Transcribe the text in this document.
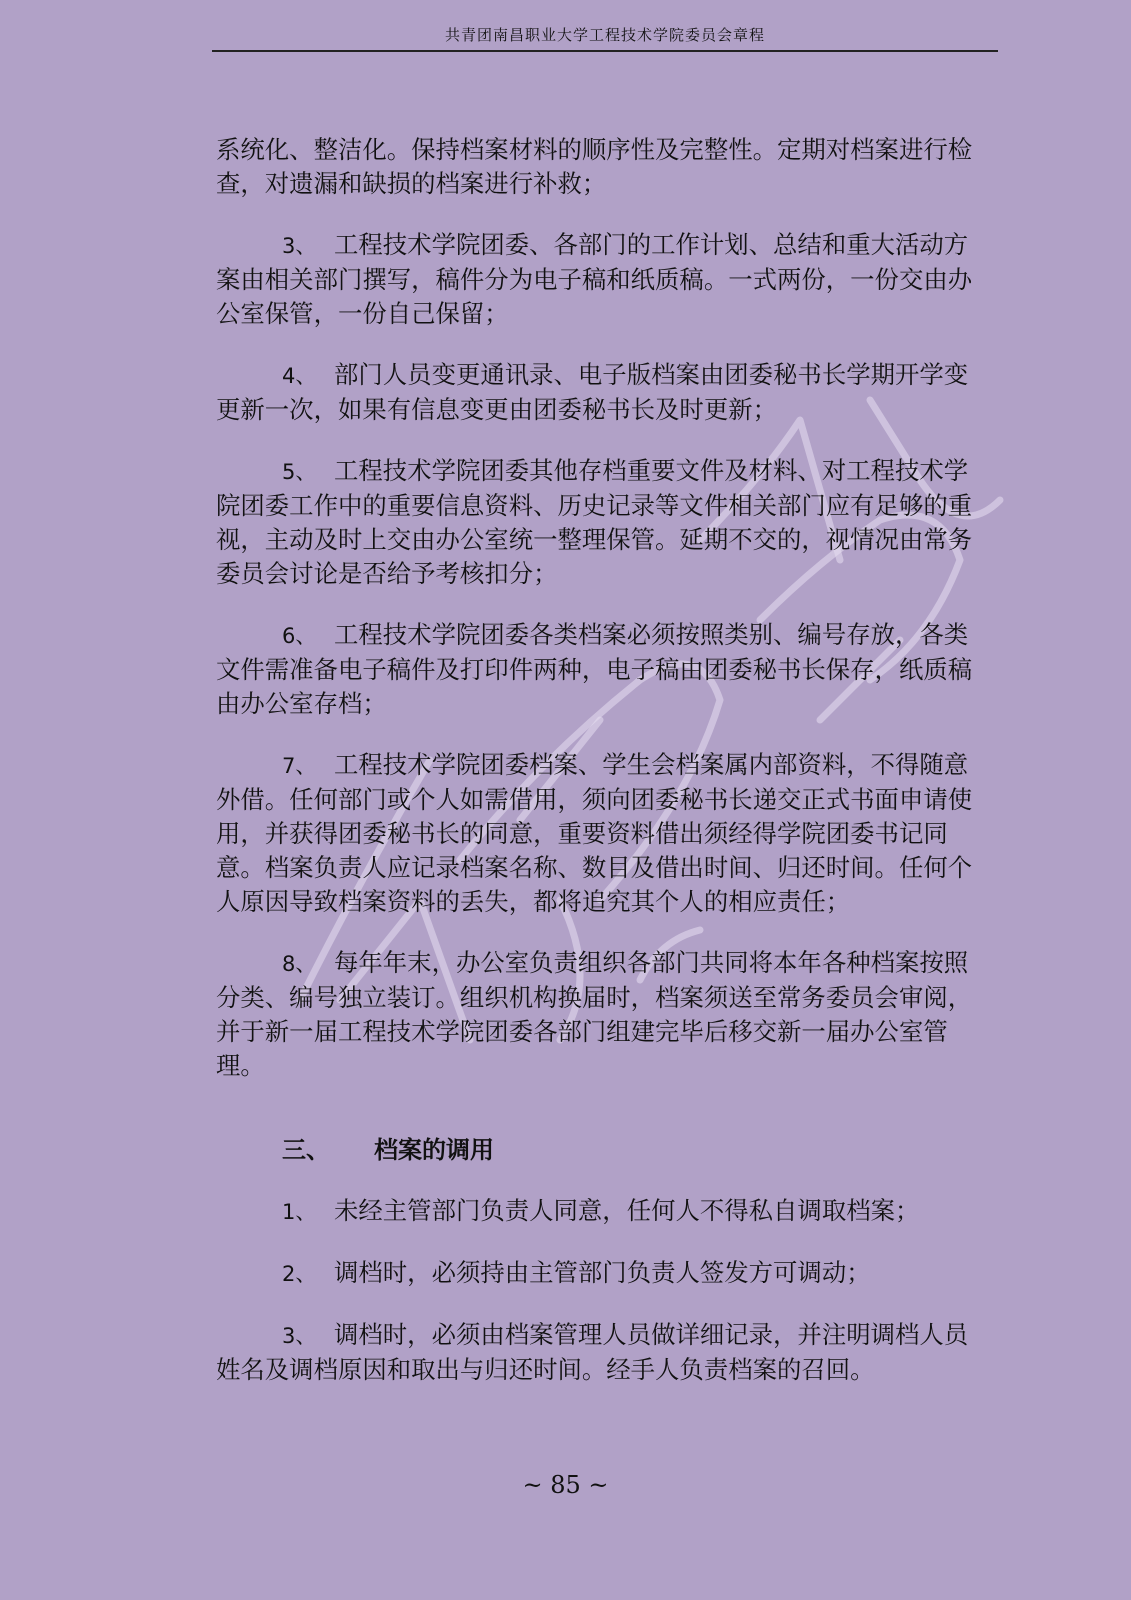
共青团南昌职业大学工程技术学院委员会章程

系统化、整洁化。保持档案材料的顺序性及完整性。定期对档案进行检查，对遗漏和缺损的档案进行补救；

3、 工程技术学院团委、各部门的工作计划、总结和重大活动方案由相关部门撰写，稿件分为电子稿和纸质稿。一式两份，一份交由办公室保管，一份自己保留；

4、 部门人员变更通讯录、电子版档案由团委秘书长学期开学变更新一次，如果有信息变更由团委秘书长及时更新；

5、 工程技术学院团委其他存档重要文件及材料、对工程技术学院团委工作中的重要信息资料、历史记录等文件相关部门应有足够的重视，主动及时上交由办公室统一整理保管。延期不交的，视情况由常务委员会讨论是否给予考核扣分；

6、 工程技术学院团委各类档案必须按照类别、编号存放，各类文件需准备电子稿件及打印件两种，电子稿由团委秘书长保存，纸质稿由办公室存档；

7、 工程技术学院团委档案、学生会档案属内部资料，不得随意外借。任何部门或个人如需借用，须向团委秘书长递交正式书面申请使用，并获得团委秘书长的同意，重要资料借出须经得学院团委书记同意。档案负责人应记录档案名称、数目及借出时间、归还时间。任何个人原因导致档案资料的丢失，都将追究其个人的相应责任；

8、 每年年末，办公室负责组织各部门共同将本年各种档案按照分类、编号独立装订。组织机构换届时，档案须送至常务委员会审阅，并于新一届工程技术学院团委各部门组建完毕后移交新一届办公室管理。

三、 档案的调用

1、 未经主管部门负责人同意，任何人不得私自调取档案；

2、 调档时，必须持由主管部门负责人签发方可调动；

3、 调档时，必须由档案管理人员做详细记录，并注明调档人员姓名及调档原因和取出与归还时间。经手人负责档案的召回。

~ 85 ~
